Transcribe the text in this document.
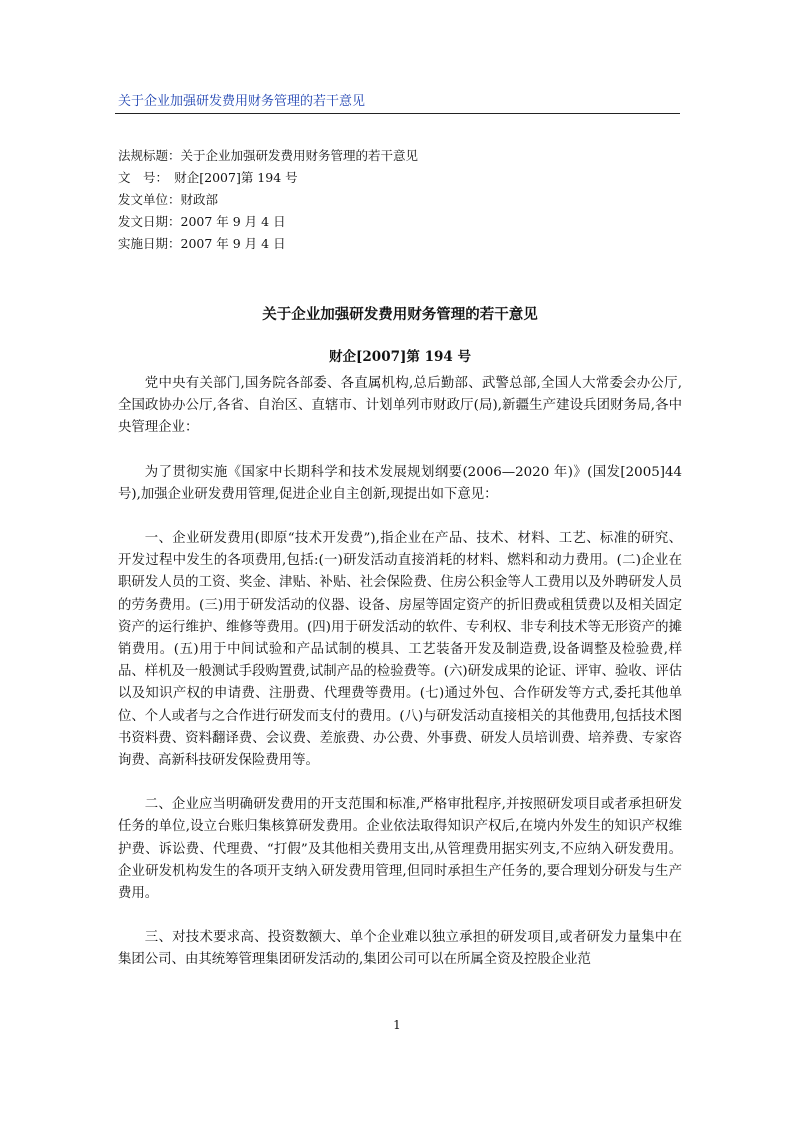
关于企业加强研发费用财务管理的若干意见
法规标题：关于企业加强研发费用财务管理的若干意见
文　号：　财企[2007]第 194 号
发文单位：财政部
发文日期：2007 年 9 月 4 日
实施日期：2007 年 9 月 4 日
关于企业加强研发费用财务管理的若干意见
财企[2007]第 194 号

党中央有关部门,国务院各部委、各直属机构,总后勤部、武警总部,全国人大常委会办公厅,全国政协办公厅,各省、自治区、直辖市、计划单列市财政厅(局),新疆生产建设兵团财务局,各中央管理企业：

为了贯彻实施《国家中长期科学和技术发展规划纲要(2006—2020 年)》(国发[2005]44 号),加强企业研发费用管理,促进企业自主创新,现提出如下意见：

一、企业研发费用(即原“技术开发费”),指企业在产品、技术、材料、工艺、标准的研究、开发过程中发生的各项费用,包括:(一)研发活动直接消耗的材料、燃料和动力费用。(二)企业在职研发人员的工资、奖金、津贴、补贴、社会保险费、住房公积金等人工费用以及外聘研发人员的劳务费用。(三)用于研发活动的仪器、设备、房屋等固定资产的折旧费或租赁费以及相关固定资产的运行维护、维修等费用。(四)用于研发活动的软件、专利权、非专利技术等无形资产的摊销费用。(五)用于中间试验和产品试制的模具、工艺装备开发及制造费,设备调整及检验费,样品、样机及一般测试手段购置费,试制产品的检验费等。(六)研发成果的论证、评审、验收、评估以及知识产权的申请费、注册费、代理费等费用。(七)通过外包、合作研发等方式,委托其他单位、个人或者与之合作进行研发而支付的费用。(八)与研发活动直接相关的其他费用,包括技术图书资料费、资料翻译费、会议费、差旅费、办公费、外事费、研发人员培训费、培养费、专家咨询费、高新科技研发保险费用等。

二、企业应当明确研发费用的开支范围和标准,严格审批程序,并按照研发项目或者承担研发任务的单位,设立台账归集核算研发费用。企业依法取得知识产权后,在境内外发生的知识产权维护费、诉讼费、代理费、“打假”及其他相关费用支出,从管理费用据实列支,不应纳入研发费用。企业研发机构发生的各项开支纳入研发费用管理,但同时承担生产任务的,要合理划分研发与生产费用。

三、对技术要求高、投资数额大、单个企业难以独立承担的研发项目,或者研发力量集中在集团公司、由其统筹管理集团研发活动的,集团公司可以在所属全资及控股企业范

1
